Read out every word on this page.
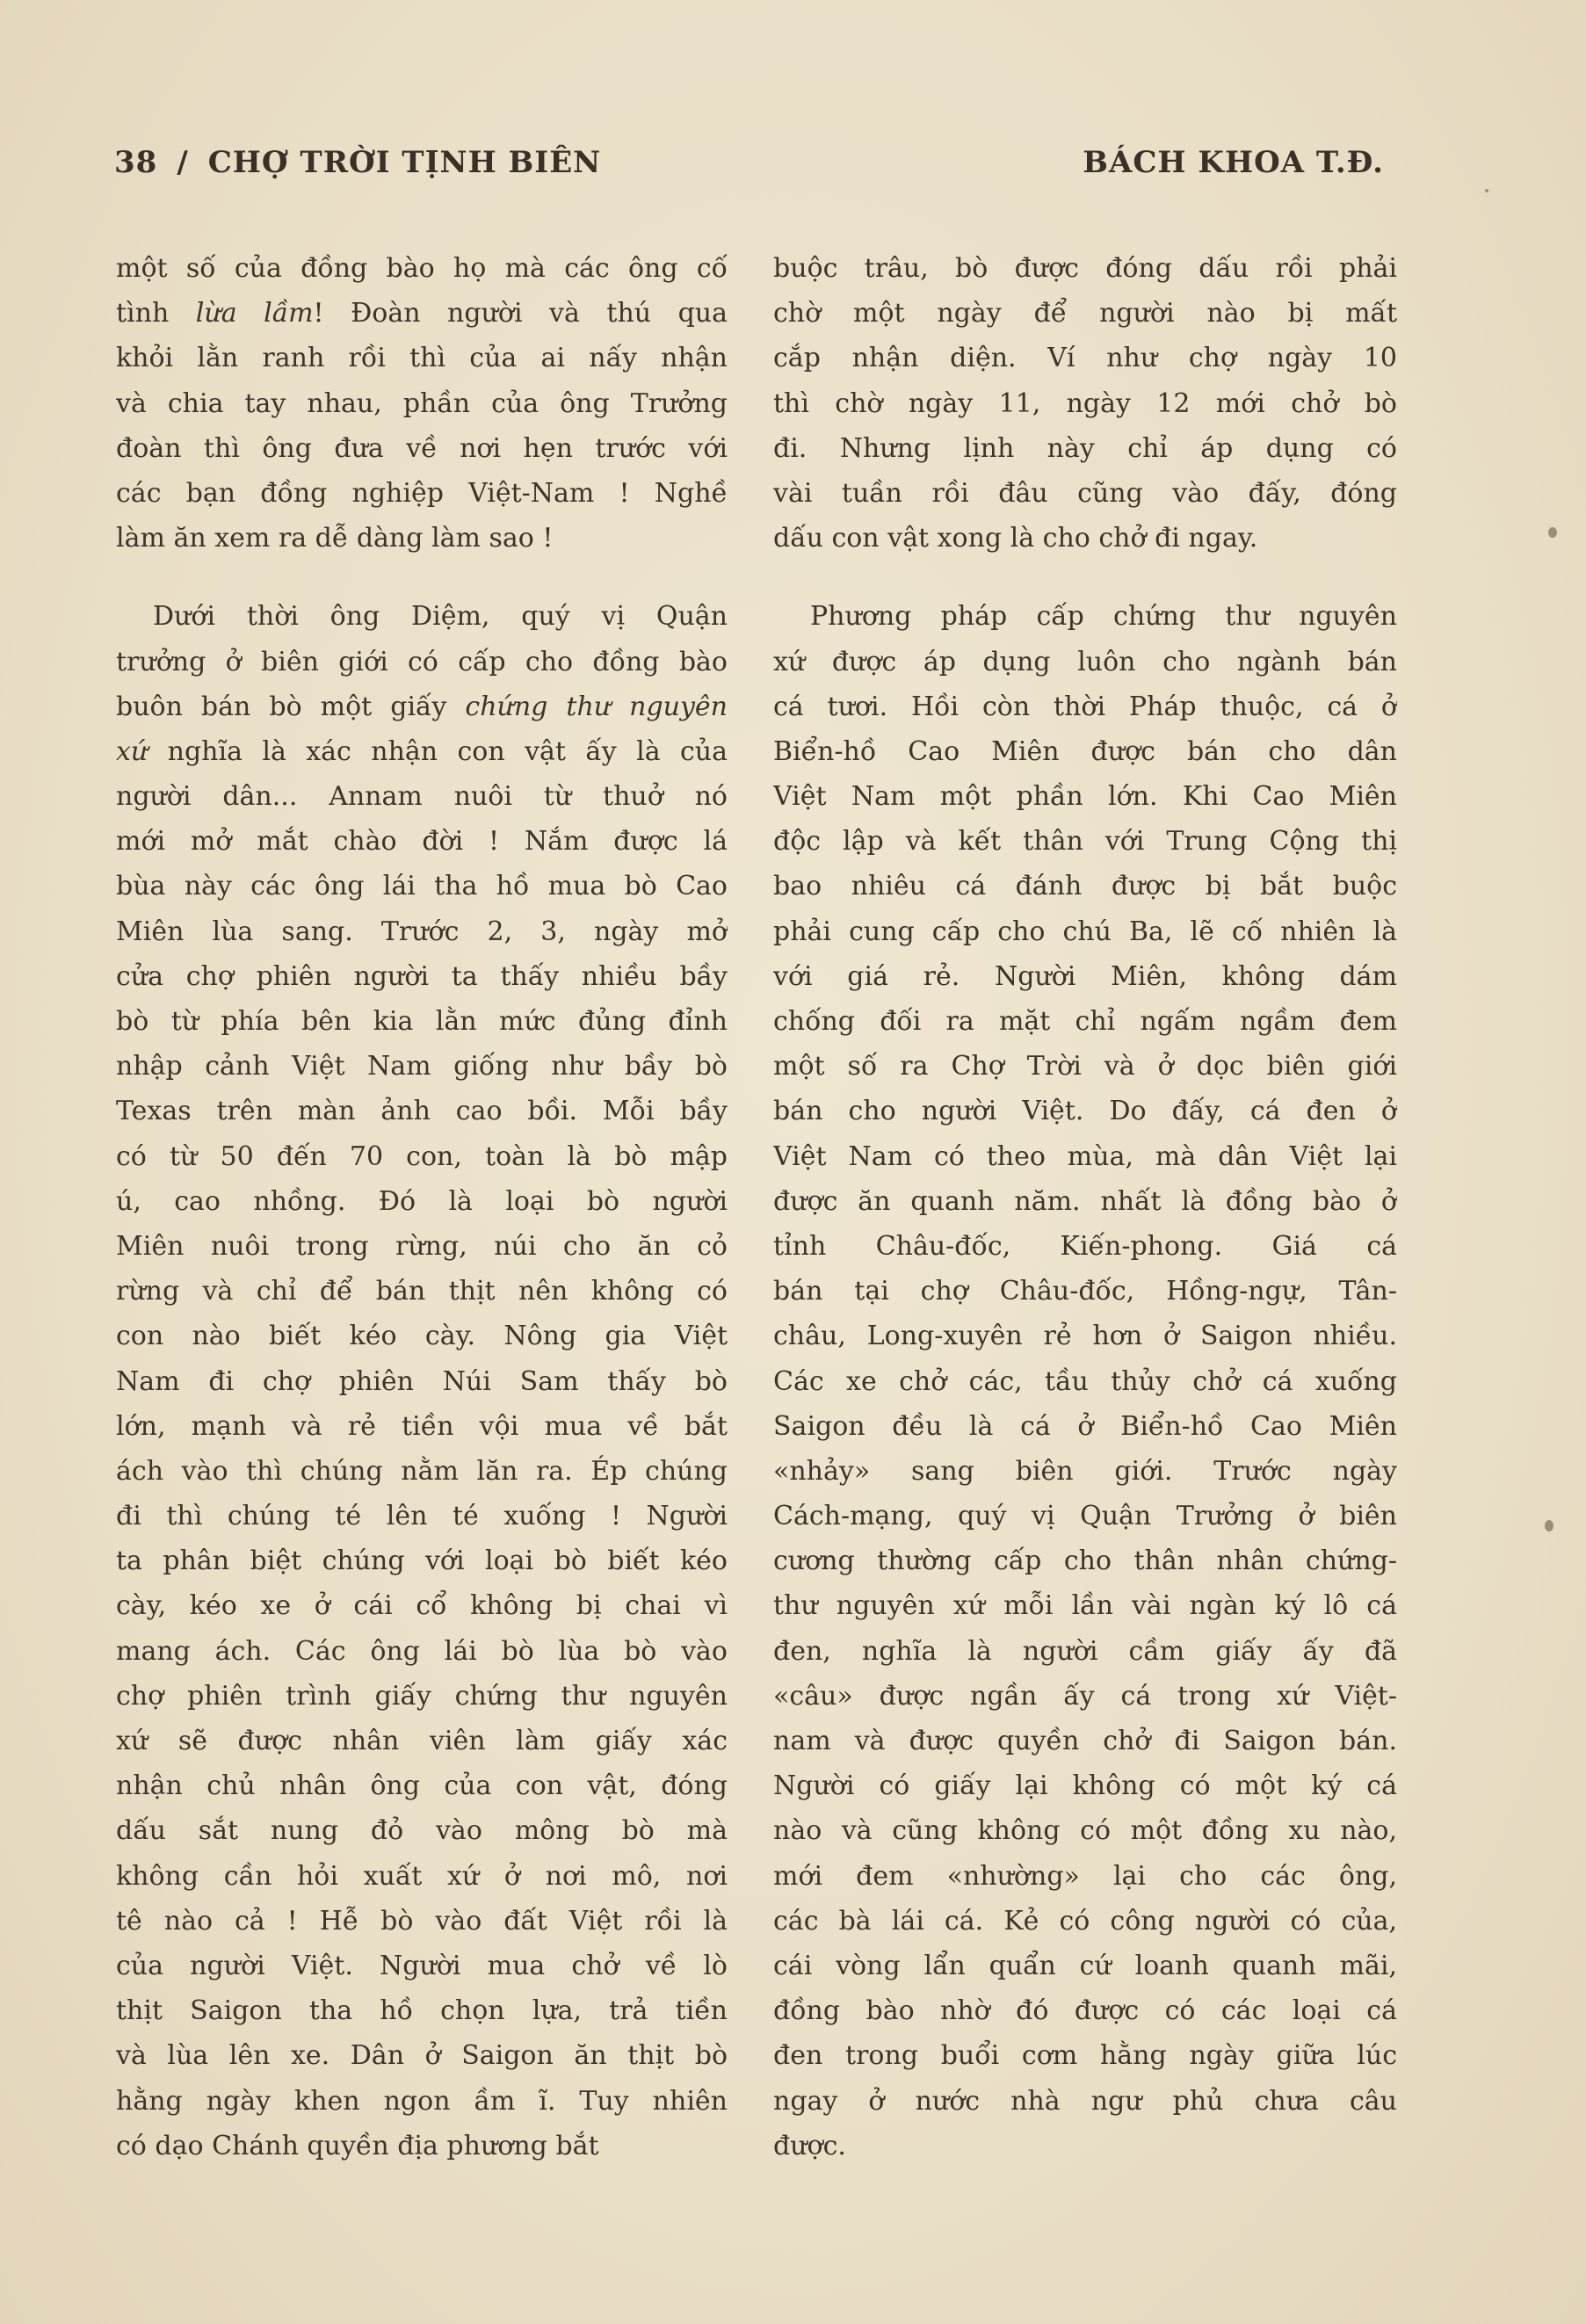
38 / CHỢ TRỜI TỊNH BIÊN	BÁCH KHOA T.Đ.
một số của đồng bào họ mà các ông cố
tình lừa lầm! Đoàn người và thú qua
khỏi lằn ranh rồi thì của ai nấy nhận
và chia tay nhau, phần của ông Trưởng
đoàn thì ông đưa về nơi hẹn trước với
các bạn đồng nghiệp Việt-Nam ! Nghề
làm ăn xem ra dễ dàng làm sao !
Dưới thời ông Diệm, quý vị Quận
trưởng ở biên giới có cấp cho đồng bào
buôn bán bò một giấy chứng thư nguyên
xứ nghĩa là xác nhận con vật ấy là của
người dân... Annam nuôi từ thuở nó
mới mở mắt chào đời ! Nắm được lá
bùa này các ông lái tha hồ mua bò Cao
Miên lùa sang. Trước 2, 3, ngày mở
cửa chợ phiên người ta thấy nhiều bầy
bò từ phía bên kia lằn mức đủng đỉnh
nhập cảnh Việt Nam giống như bầy bò
Texas trên màn ảnh cao bồi. Mỗi bầy
có từ 50 đến 70 con, toàn là bò mập
ú, cao nhồng. Đó là loại bò người
Miên nuôi trong rừng, núi cho ăn cỏ
rừng và chỉ để bán thịt nên không có
con nào biết kéo cày. Nông gia Việt
Nam đi chợ phiên Núi Sam thấy bò
lớn, mạnh và rẻ tiền vội mua về bắt
ách vào thì chúng nằm lăn ra. Ép chúng
đi thì chúng té lên té xuống ! Người
ta phân biệt chúng với loại bò biết kéo
cày, kéo xe ở cái cổ không bị chai vì
mang ách. Các ông lái bò lùa bò vào
chợ phiên trình giấy chứng thư nguyên
xứ sẽ được nhân viên làm giấy xác
nhận chủ nhân ông của con vật, đóng
dấu sắt nung đỏ vào mông bò mà
không cần hỏi xuất xứ ở nơi mô, nơi
tê nào cả ! Hễ bò vào đất Việt rồi là
của người Việt. Người mua chở về lò
thịt Saigon tha hồ chọn lựa, trả tiền
và lùa lên xe. Dân ở Saigon ăn thịt bò
hằng ngày khen ngon ầm ĩ. Tuy nhiên
có dạo Chánh quyền địa phương bắt
buộc trâu, bò được đóng dấu rồi phải
chờ một ngày để người nào bị mất
cắp nhận diện. Ví như chợ ngày 10
thì chờ ngày 11, ngày 12 mới chở bò
đi. Nhưng lịnh này chỉ áp dụng có
vài tuần rồi đâu cũng vào đấy, đóng
dấu con vật xong là cho chở đi ngay.
Phương pháp cấp chứng thư nguyên
xứ được áp dụng luôn cho ngành bán
cá tươi. Hồi còn thời Pháp thuộc, cá ở
Biển-hồ Cao Miên được bán cho dân
Việt Nam một phần lớn. Khi Cao Miên
độc lập và kết thân với Trung Cộng thị
bao nhiêu cá đánh được bị bắt buộc
phải cung cấp cho chú Ba, lẽ cố nhiên là
với giá rẻ. Người Miên, không dám
chống đối ra mặt chỉ ngấm ngầm đem
một số ra Chợ Trời và ở dọc biên giới
bán cho người Việt. Do đấy, cá đen ở
Việt Nam có theo mùa, mà dân Việt lại
được ăn quanh năm. nhất là đồng bào ở
tỉnh Châu-đốc, Kiến-phong. Giá cá
bán tại chợ Châu-đốc, Hồng-ngự, Tân-
châu, Long-xuyên rẻ hơn ở Saigon nhiều.
Các xe chở các, tầu thủy chở cá xuống
Saigon đều là cá ở Biển-hồ Cao Miên
«nhảy» sang biên giới. Trước ngày
Cách-mạng, quý vị Quận Trưởng ở biên
cương thường cấp cho thân nhân chứng-
thư nguyên xứ mỗi lần vài ngàn ký lô cá
đen, nghĩa là người cầm giấy ấy đã
«câu» được ngần ấy cá trong xứ Việt-
nam và được quyền chở đi Saigon bán.
Người có giấy lại không có một ký cá
nào và cũng không có một đồng xu nào,
mới đem «nhường» lại cho các ông,
các bà lái cá. Kẻ có công người có của,
cái vòng lẩn quẩn cứ loanh quanh mãi,
đồng bào nhờ đó được có các loại cá
đen trong buổi cơm hằng ngày giữa lúc
ngay ở nước nhà ngư phủ chưa câu
được.
